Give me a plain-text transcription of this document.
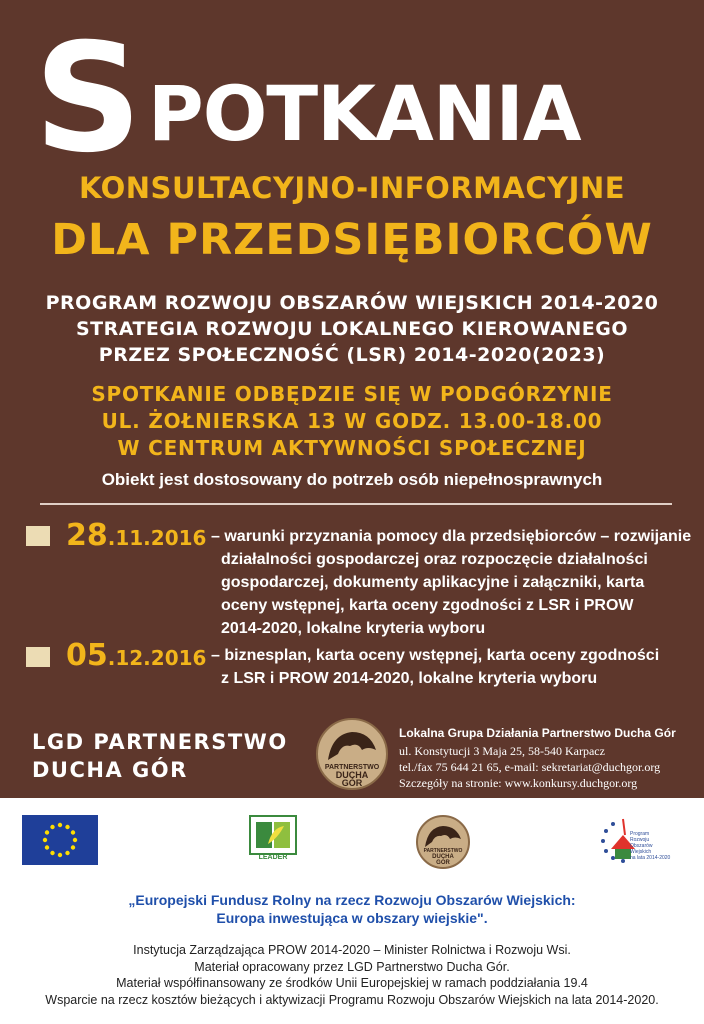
S POTKANIA
KONSULTACYJNO-INFORMACYJNE
DLA PRZEDSIĘBIORCÓW
PROGRAM ROZWOJU OBSZARÓW WIEJSKICH 2014-2020
STRATEGIA ROZWOJU LOKALNEGO KIEROWANEGO
PRZEZ SPOŁECZNOŚĆ (LSR) 2014-2020(2023)
SPOTKANIE ODBĘDZIE SIĘ W PODGÓRZYNIE
UL. ŻOŁNIERSKA 13 W GODZ. 13.00-18.00
W CENTRUM AKTYWNOŚCI SPOŁECZNEJ
Obiekt jest dostosowany do potrzeb osób niepełnosprawnych
28.11.2016 – warunki przyznania pomocy dla przedsiębiorców – rozwijanie
działalności gospodarczej oraz rozpoczęcie działalności
gospodarczej, dokumenty aplikacyjne i załączniki, karta
oceny wstępnej, karta oceny zgodności z LSR i PROW
2014-2020, lokalne kryteria wyboru
05.12.2016 – biznesplan, karta oceny wstępnej, karta oceny zgodności
z LSR i PROW 2014-2020, lokalne kryteria wyboru
LGD PARTNERSTWO
DUCHA GÓR	PARTNERSTWO
DUCHA
GÓR
Lokalna Grupa Działania Partnerstwo Ducha Gór
ul. Konstytucji 3 Maja 25, 58-540 Karpacz
tel./fax 75 644 21 65, e-mail: sekretariat@duchgor.org
Szczegóły na stronie: www.konkursy.duchgor.org
LEADER
PARTNERSTWO
DUCHA
GÓR
Program
Rozwoju
Obszarów
Wiejskich
na lata 2014-2020
„Europejski Fundusz Rolny na rzecz Rozwoju Obszarów Wiejskich:
Europa inwestująca w obszary wiejskie".
Instytucja Zarządzająca PROW 2014-2020 – Minister Rolnictwa i Rozwoju Wsi.
Materiał opracowany przez LGD Partnerstwo Ducha Gór.
Materiał współfinansowany ze środków Unii Europejskiej w ramach poddziałania 19.4
Wsparcie na rzecz kosztów bieżących i aktywizacji Programu Rozwoju Obszarów Wiejskich na lata 2014-2020.
